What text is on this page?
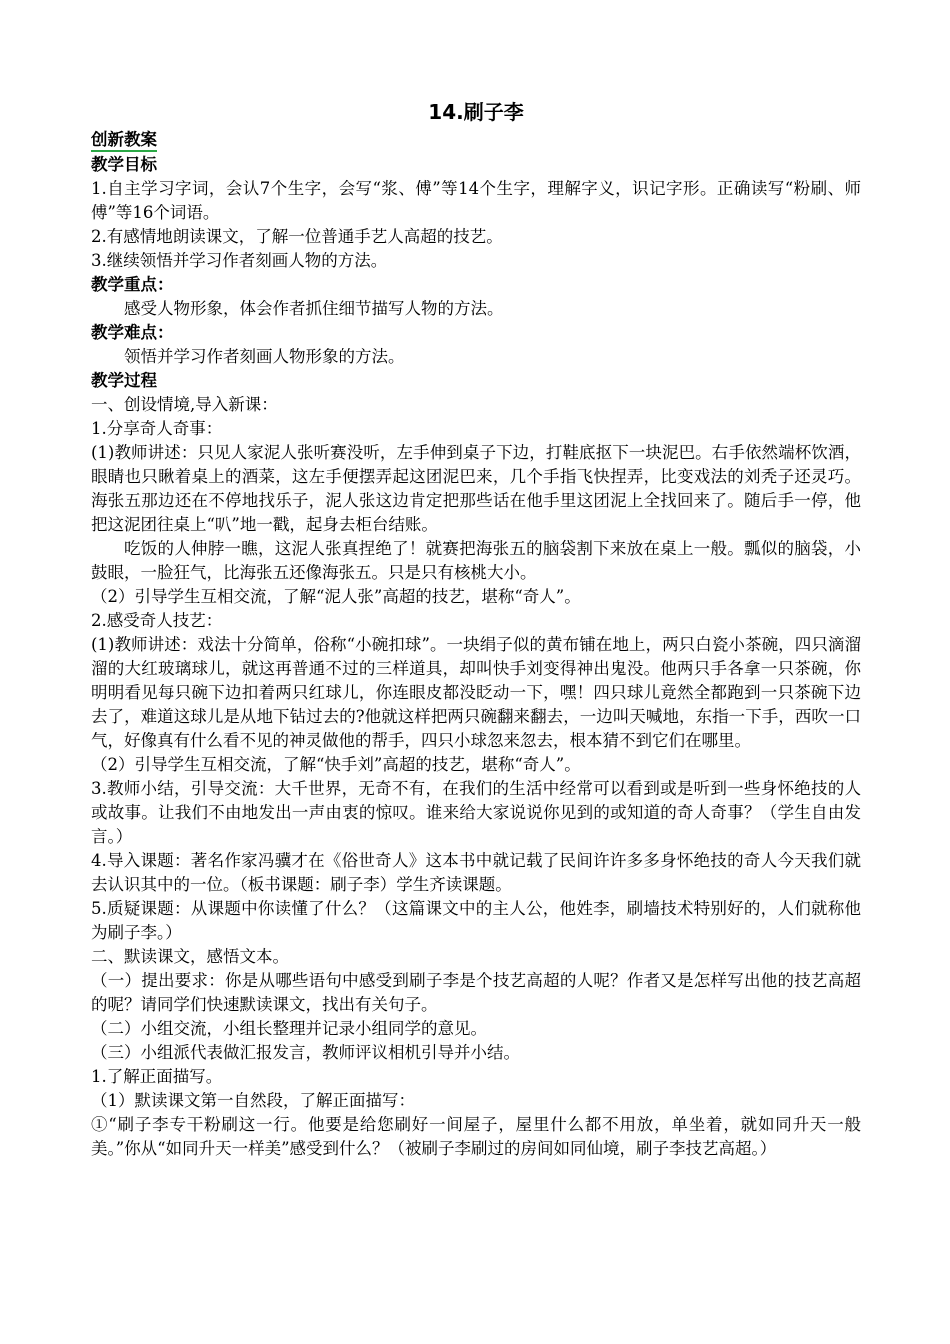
14.刷子李
创新教案
教学目标

1.自主学习字词，会认7个生字，会写“浆、傅”等14个生字，理解字义，识记字形。正确读写“粉刷、师傅”等16个词语。

2.有感情地朗读课文，了解一位普通手艺人高超的技艺。

3.继续领悟并学习作者刻画人物的方法。

教学重点：

感受人物形象，体会作者抓住细节描写人物的方法。

教学难点：

领悟并学习作者刻画人物形象的方法。

教学过程

一、创设情境,导入新课：

1.分享奇人奇事：

(1)教师讲述：只见人家泥人张听赛没听，左手伸到桌子下边，打鞋底抠下一块泥巴。右手依然端杯饮酒，眼睛也只瞅着桌上的酒菜，这左手便摆弄起这团泥巴来，几个手指飞快捏弄，比变戏法的刘秃子还灵巧。海张五那边还在不停地找乐子，泥人张这边肯定把那些话在他手里这团泥上全找回来了。随后手一停，他把这泥团往桌上“叭”地一戳，起身去柜台结账。

吃饭的人伸脖一瞧，这泥人张真捏绝了！就赛把海张五的脑袋割下来放在桌上一般。瓢似的脑袋，小鼓眼，一脸狂气，比海张五还像海张五。只是只有核桃大小。

（2）引导学生互相交流，了解“泥人张”高超的技艺，堪称“奇人”。

2.感受奇人技艺：

(1)教师讲述：戏法十分简单，俗称“小碗扣球”。一块绢子似的黄布铺在地上，两只白瓷小茶碗，四只滴溜溜的大红玻璃球儿，就这再普通不过的三样道具，却叫快手刘变得神出鬼没。他两只手各拿一只茶碗，你明明看见每只碗下边扣着两只红球儿，你连眼皮都没眨动一下，嘿！四只球儿竟然全都跑到一只茶碗下边去了，难道这球儿是从地下钻过去的?他就这样把两只碗翻来翻去，一边叫天喊地，东指一下手，西吹一口气，好像真有什么看不见的神灵做他的帮手，四只小球忽来忽去，根本猜不到它们在哪里。

（2）引导学生互相交流，了解“快手刘”高超的技艺，堪称“奇人”。

3.教师小结，引导交流：大千世界，无奇不有，在我们的生活中经常可以看到或是听到一些身怀绝技的人或故事。让我们不由地发出一声由衷的惊叹。谁来给大家说说你见到的或知道的奇人奇事？（学生自由发言。）

4.导入课题：著名作家冯骥才在《俗世奇人》这本书中就记载了民间许许多多身怀绝技的奇人今天我们就去认识其中的一位。（板书课题：刷子李）学生齐读课题。

5.质疑课题：从课题中你读懂了什么？（这篇课文中的主人公，他姓李，刷墙技术特别好的，人们就称他为刷子李。）

二、默读课文，感悟文本。

（一）提出要求：你是从哪些语句中感受到刷子李是个技艺高超的人呢？作者又是怎样写出他的技艺高超的呢？请同学们快速默读课文，找出有关句子。

（二）小组交流，小组长整理并记录小组同学的意见。

（三）小组派代表做汇报发言，教师评议相机引导并小结。

1.了解正面描写。

（1）默读课文第一自然段，了解正面描写：

①“刷子李专干粉刷这一行。他要是给您刷好一间屋子，屋里什么都不用放，单坐着，就如同升天一般美。”你从“如同升天一样美”感受到什么？（被刷子李刷过的房间如同仙境，刷子李技艺高超。）
